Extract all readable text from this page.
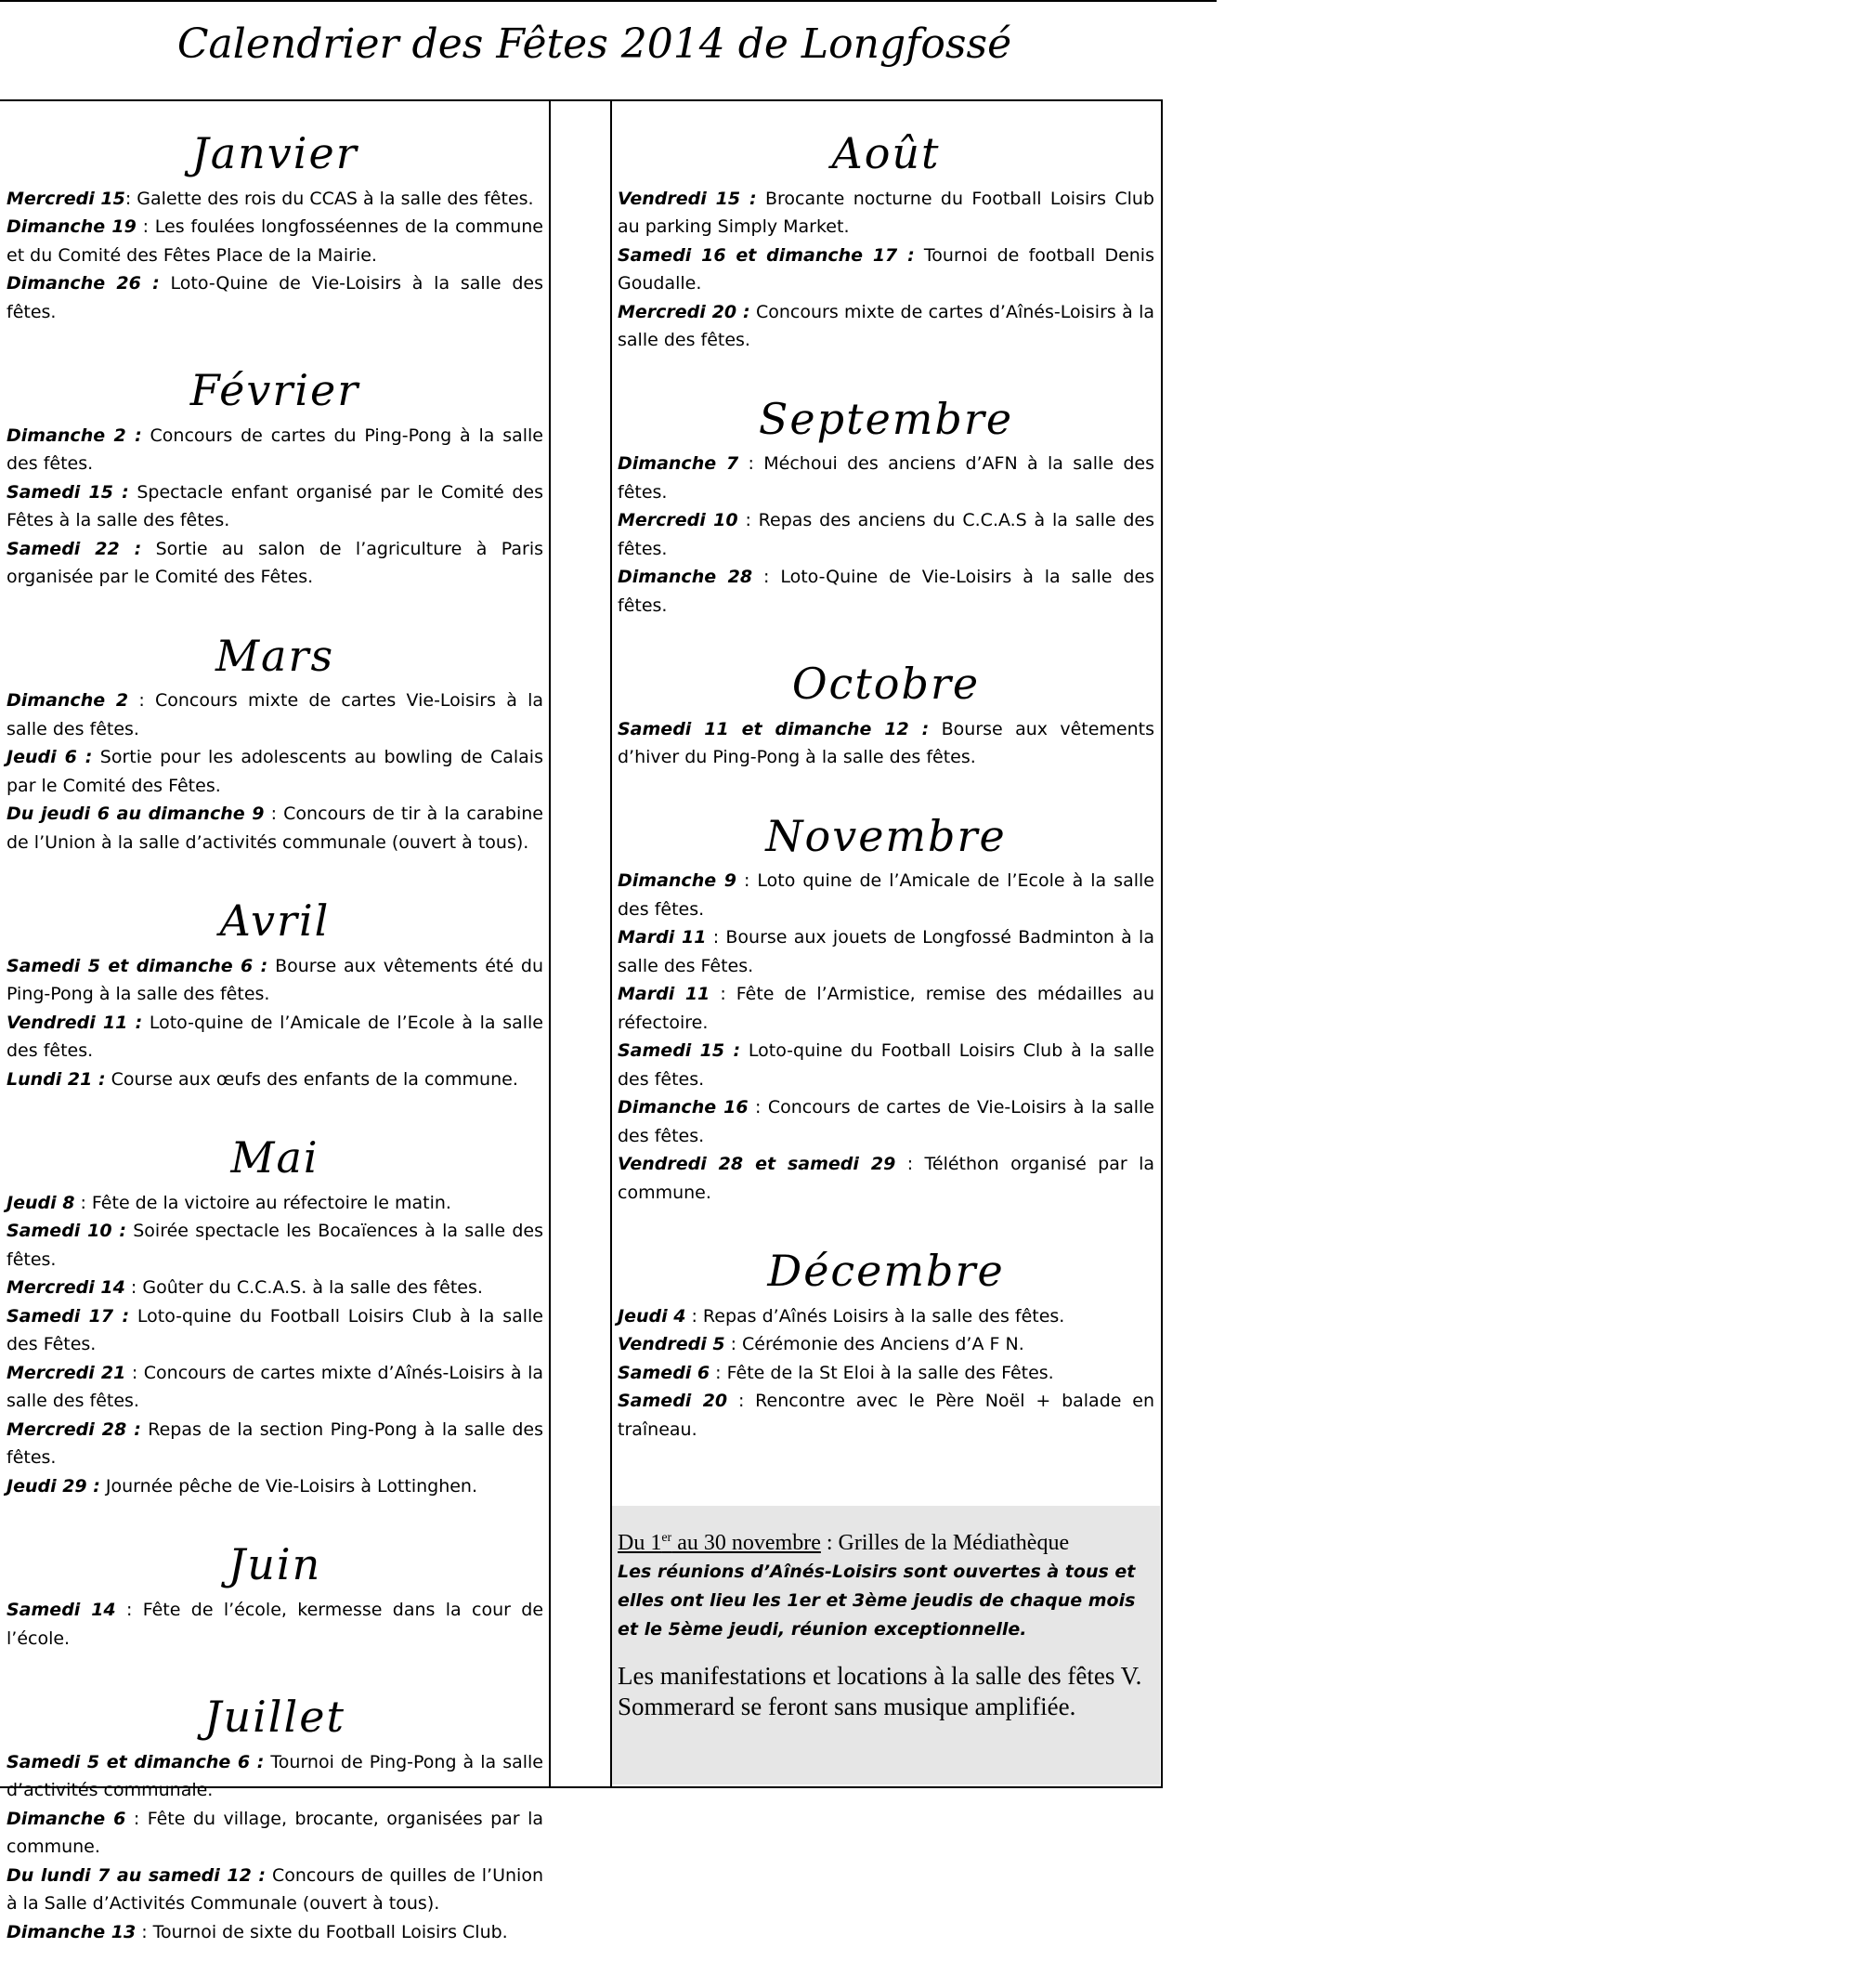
Calendrier des Fêtes 2014 de Longfossé
Janvier

Mercredi 15: Galette des rois du CCAS à la salle des fêtes.

Dimanche 19 : Les foulées longfosséennes de la commune et du Comité des Fêtes Place de la Mairie.

Dimanche 26 : Loto-Quine de Vie-Loisirs à la salle des fêtes.

Février

Dimanche 2 : Concours de cartes du Ping-Pong à la salle des fêtes.

Samedi 15 : Spectacle enfant organisé par le Comité des Fêtes à la salle des fêtes.

Samedi 22 : Sortie au salon de l’agriculture à Paris organisée par le Comité des Fêtes.

Mars

Dimanche 2 : Concours mixte de cartes Vie-Loisirs à la salle des fêtes.

Jeudi 6 : Sortie pour les adolescents au bowling de Calais par le Comité des Fêtes.

Du jeudi 6 au dimanche 9 : Concours de tir à la carabine de l’Union à la salle d’activités communale (ouvert à tous).

Avril

Samedi 5 et dimanche 6 : Bourse aux vêtements été du Ping-Pong à la salle des fêtes.

Vendredi 11 : Loto-quine de l’Amicale de l’Ecole à la salle des fêtes.

Lundi 21 : Course aux œufs des enfants de la commune.

Mai

Jeudi 8 : Fête de la victoire au réfectoire le matin.

Samedi 10 : Soirée spectacle les Bocaïences à la salle des fêtes.

Mercredi 14 : Goûter du C.C.A.S. à la salle des fêtes.

Samedi 17 : Loto-quine du Football Loisirs Club à la salle des Fêtes.

Mercredi 21 : Concours de cartes mixte d’Aînés-Loisirs à la salle des fêtes.

Mercredi 28 : Repas de la section Ping-Pong à la salle des fêtes.

Jeudi 29 : Journée pêche de Vie-Loisirs à Lottinghen.

Juin

Samedi 14 : Fête de l’école, kermesse dans la cour de l’école.

Juillet

Samedi 5 et dimanche 6 : Tournoi de Ping-Pong à la salle d’activités communale.

Dimanche 6 : Fête du village, brocante, organisées par la commune.

Du lundi 7 au samedi 12 : Concours de quilles de l’Union à la Salle d’Activités Communale (ouvert à tous).

Dimanche 13 : Tournoi de sixte du Football Loisirs Club.

Août

Vendredi 15 : Brocante nocturne du Football Loisirs Club au parking Simply Market.

Samedi 16 et dimanche 17 : Tournoi de football Denis Goudalle.

Mercredi 20 : Concours mixte de cartes d’Aînés-Loisirs à la salle des fêtes.

Septembre

Dimanche 7 : Méchoui des anciens d’AFN à la salle des fêtes.

Mercredi 10 : Repas des anciens du C.C.A.S à la salle des fêtes.

Dimanche 28 : Loto-Quine de Vie-Loisirs à la salle des fêtes.

Octobre

Samedi 11 et dimanche 12 : Bourse aux vêtements d’hiver du Ping-Pong à la salle des fêtes.

Novembre

Dimanche 9 : Loto quine de l’Amicale de l’Ecole à la salle des fêtes.

Mardi 11 : Bourse aux jouets de Longfossé Badminton à la salle des Fêtes.

Mardi 11 : Fête de l’Armistice, remise des médailles au réfectoire.

Samedi 15 : Loto-quine du Football Loisirs Club à la salle des fêtes.

Dimanche 16 : Concours de cartes de Vie-Loisirs à la salle des fêtes.

Vendredi 28 et samedi 29 : Téléthon organisé par la commune.

Décembre

Jeudi 4 : Repas d’Aînés Loisirs à la salle des fêtes.

Vendredi 5 : Cérémonie des Anciens d’A F N.

Samedi 6 : Fête de la St Eloi à la salle des Fêtes.

Samedi 20 : Rencontre avec le Père Noël + balade en traîneau.

Du 1er au 30 novembre : Grilles de la Médiathèque
Les réunions d’Aînés-Loisirs sont ouvertes à tous et elles ont lieu les 1er et 3ème jeudis de chaque mois et le 5ème jeudi, réunion exceptionnelle.
Les manifestations et locations à la salle des fêtes V. Sommerard se feront sans musique amplifiée.
